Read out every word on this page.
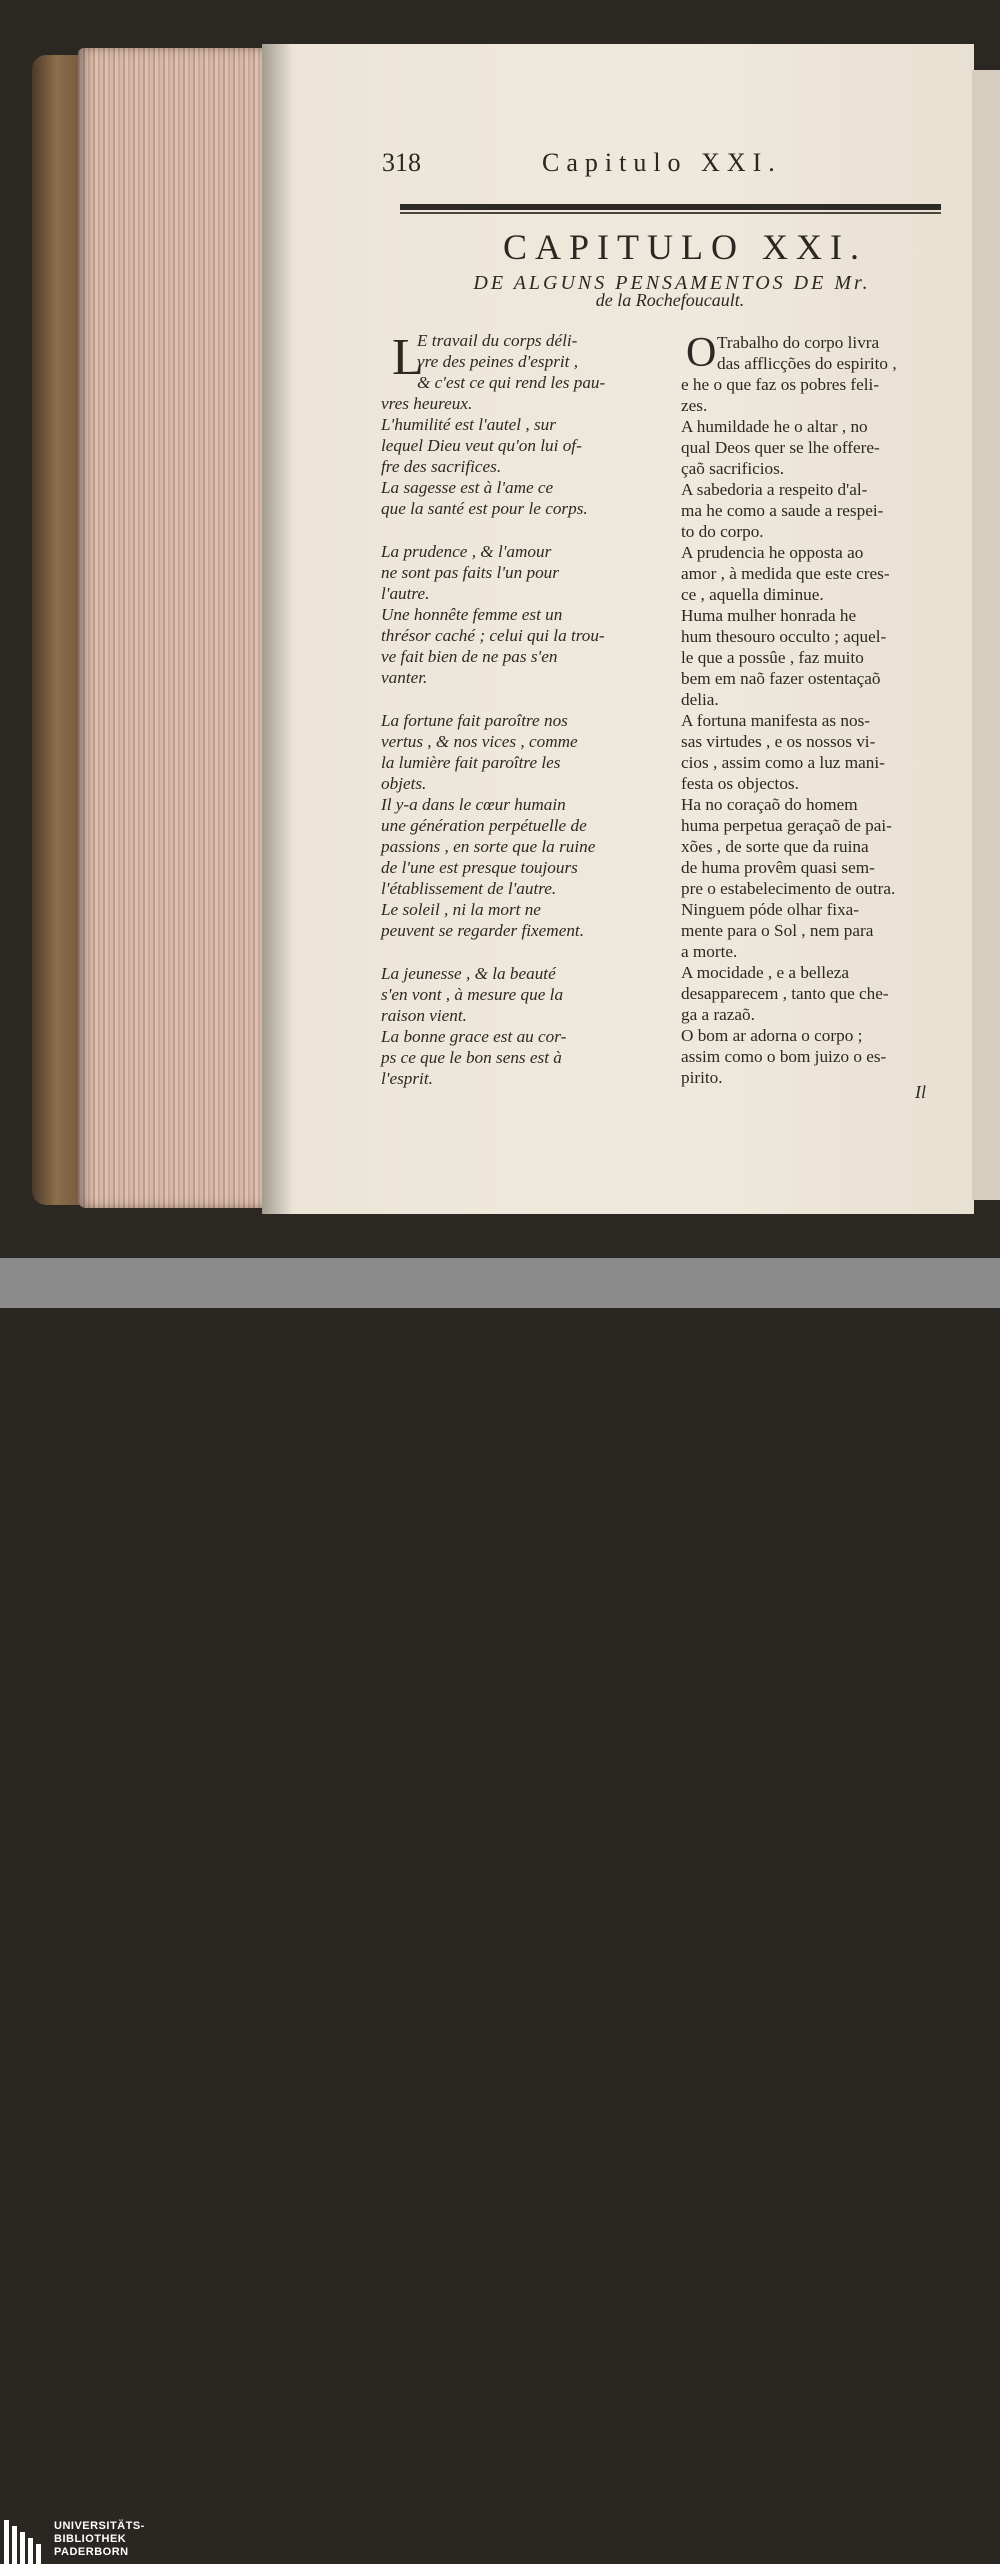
318	Capitulo XXI.
CAPITULO XXI.
DE ALGUNS PENSAMENTOS DE Mr.
de la Rochefoucault.
L	O
E travail du corps déli-
vre des peines d'esprit ,
& c'est ce qui rend les pau-
vres heureux.
L'humilité est l'autel , sur
lequel Dieu veut qu'on lui of-
fre des sacrifices.
La sagesse est à l'ame ce
que la santé est pour le corps.
La prudence , & l'amour
ne sont pas faits l'un pour
l'autre.
Une honnête femme est un
thrésor caché ; celui qui la trou-
ve fait bien de ne pas s'en
vanter.
La fortune fait paroître nos
vertus , & nos vices , comme
la lumière fait paroître les
objets.
Il y-a dans le cœur humain
une génération perpétuelle de
passions , en sorte que la ruine
de l'une est presque toujours
l'établissement de l'autre.
Le soleil , ni la mort ne
peuvent se regarder fixement.
La jeunesse , & la beauté
s'en vont , à mesure que la
raison vient.
La bonne grace est au cor-
ps ce que le bon sens est à
l'esprit.
Trabalho do corpo livra
das afflicções do espirito ,
e he o que faz os pobres feli-
zes.
A humildade he o altar , no
qual Deos quer se lhe offere-
çaõ sacrificios.
A sabedoria a respeito d'al-
ma he como a saude a respei-
to do corpo.
A prudencia he opposta ao
amor , à medida que este cres-
ce , aquella diminue.
Huma mulher honrada he
hum thesouro occulto ; aquel-
le que a possûe , faz muito
bem em naõ fazer ostentaçaõ
delia.
A fortuna manifesta as nos-
sas virtudes , e os nossos vi-
cios , assim como a luz mani-
festa os objectos.
Ha no coraçaõ do homem
huma perpetua geraçaõ de pai-
xões , de sorte que da ruina
de huma provêm quasi sem-
pre o estabelecimento de outra.
Ninguem póde olhar fixa-
mente para o Sol , nem para
a morte.
A mocidade , e a belleza
desapparecem , tanto que che-
ga a razaõ.
O bom ar adorna o corpo ;
assim como o bom juizo o es-
pirito.
Il
UNIVERSITÄTS-
BIBLIOTHEK
PADERBORN
